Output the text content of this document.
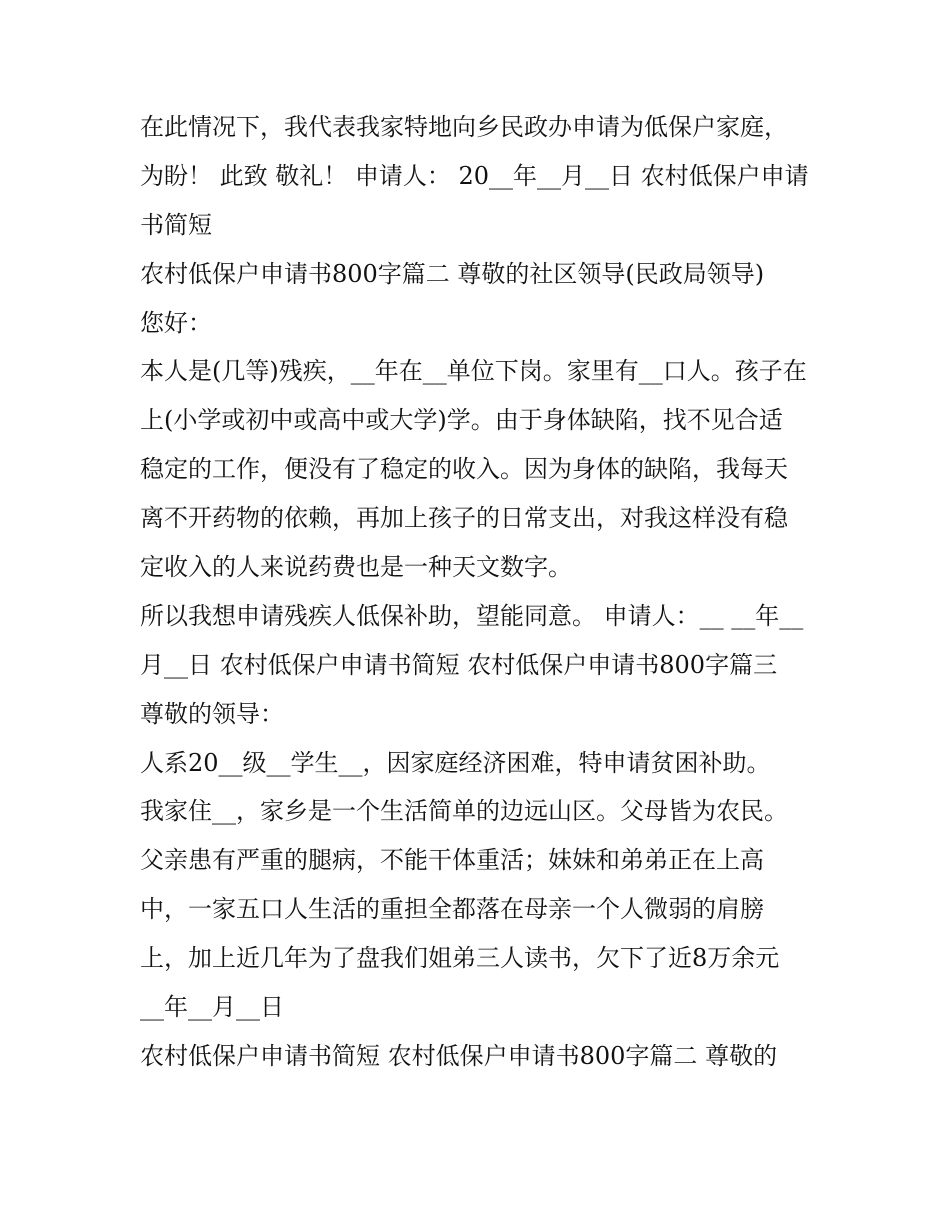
在此情况下，我代表我家特地向乡民政办申请为低保户家庭，
为盼！ 此致 敬礼！ 申请人： 20__年__月__日 农村低保户申请
书简短
农村低保户申请书800字篇二 尊敬的社区领导(民政局领导)
您好：
本人是(几等)残疾，__年在__单位下岗。家里有__口人。孩子在
上(小学或初中或高中或大学)学。由于身体缺陷，找不见合适
稳定的工作，便没有了稳定的收入。因为身体的缺陷，我每天
离不开药物的依赖，再加上孩子的日常支出，对我这样没有稳
定收入的人来说药费也是一种天文数字。
所以我想申请残疾人低保补助，望能同意。 申请人：__ __年__
月__日 农村低保户申请书简短 农村低保户申请书800字篇三
尊敬的领导：
人系20__级__学生__，因家庭经济困难，特申请贫困补助。
我家住__，家乡是一个生活简单的边远山区。父母皆为农民。
父亲患有严重的腿病，不能干体重活；妹妹和弟弟正在上高
中，一家五口人生活的重担全都落在母亲一个人微弱的肩膀
上，加上近几年为了盘我们姐弟三人读书，欠下了近8万余元
__年__月__日
农村低保户申请书简短 农村低保户申请书800字篇二 尊敬的
